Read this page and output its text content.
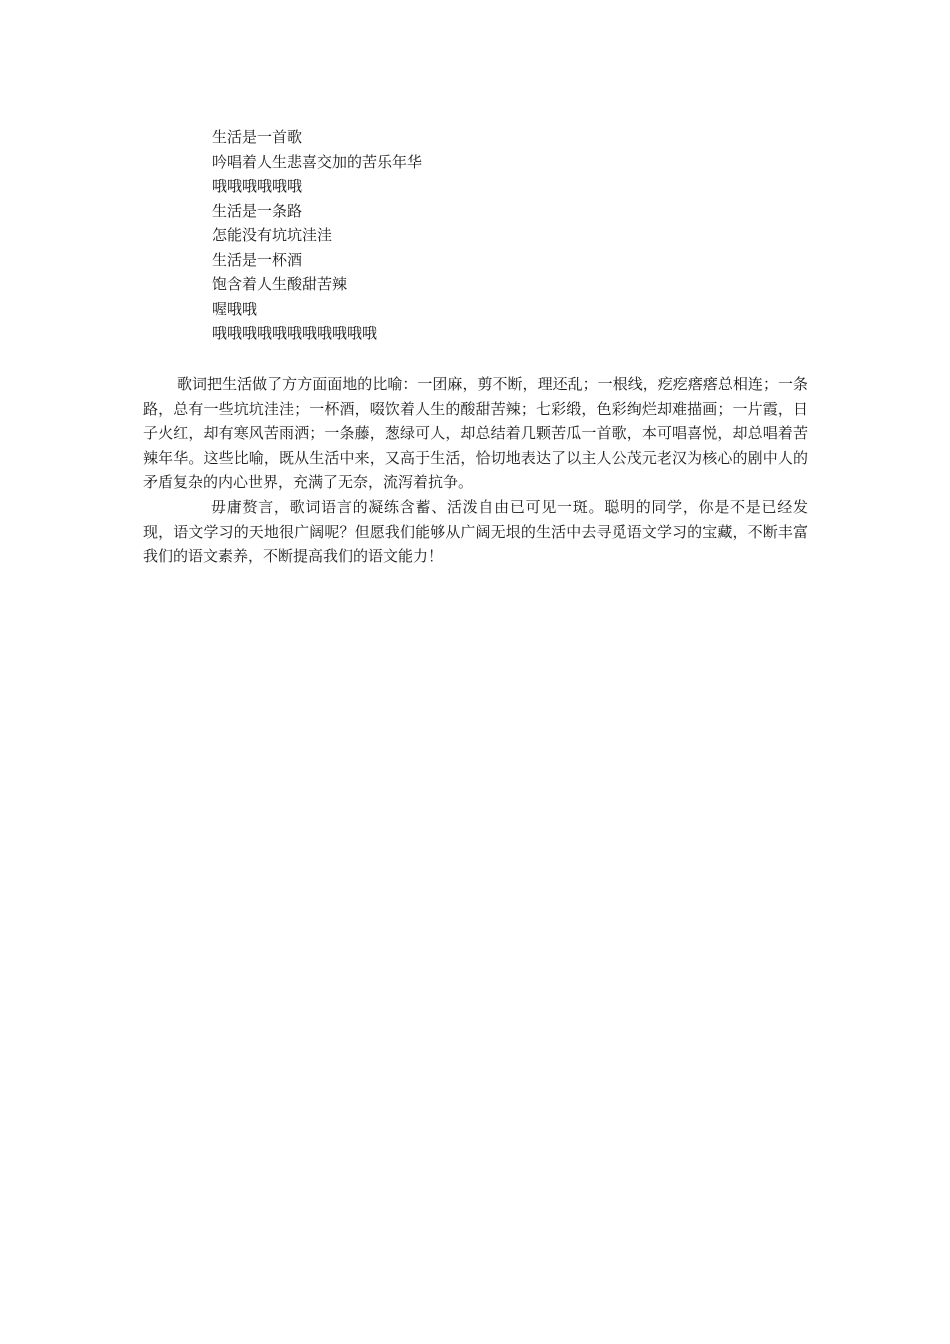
生活是一首歌
吟唱着人生悲喜交加的苦乐年华
哦哦哦哦哦哦
生活是一条路
怎能没有坑坑洼洼
生活是一杯酒
饱含着人生酸甜苦辣
喔哦哦
哦哦哦哦哦哦哦哦哦哦哦

歌词把生活做了方方面面地的比喻：一团麻，剪不断，理还乱；一根线，疙疙瘩瘩总相连；一条路，总有一些坑坑洼洼；一杯酒，啜饮着人生的酸甜苦辣；七彩缎，色彩绚烂却难描画；一片霞，日子火红，却有寒风苦雨洒；一条藤，葱绿可人，却总结着几颗苦瓜一首歌，本可唱喜悦，却总唱着苦辣年华。这些比喻，既从生活中来，又高于生活，恰切地表达了以主人公茂元老汉为核心的剧中人的矛盾复杂的内心世界，充满了无奈，流泻着抗争。

毋庸赘言，歌词语言的凝练含蓄、活泼自由已可见一斑。聪明的同学，你是不是已经发现，语文学习的天地很广阔呢？但愿我们能够从广阔无垠的生活中去寻觅语文学习的宝藏，不断丰富我们的语文素养，不断提高我们的语文能力！
